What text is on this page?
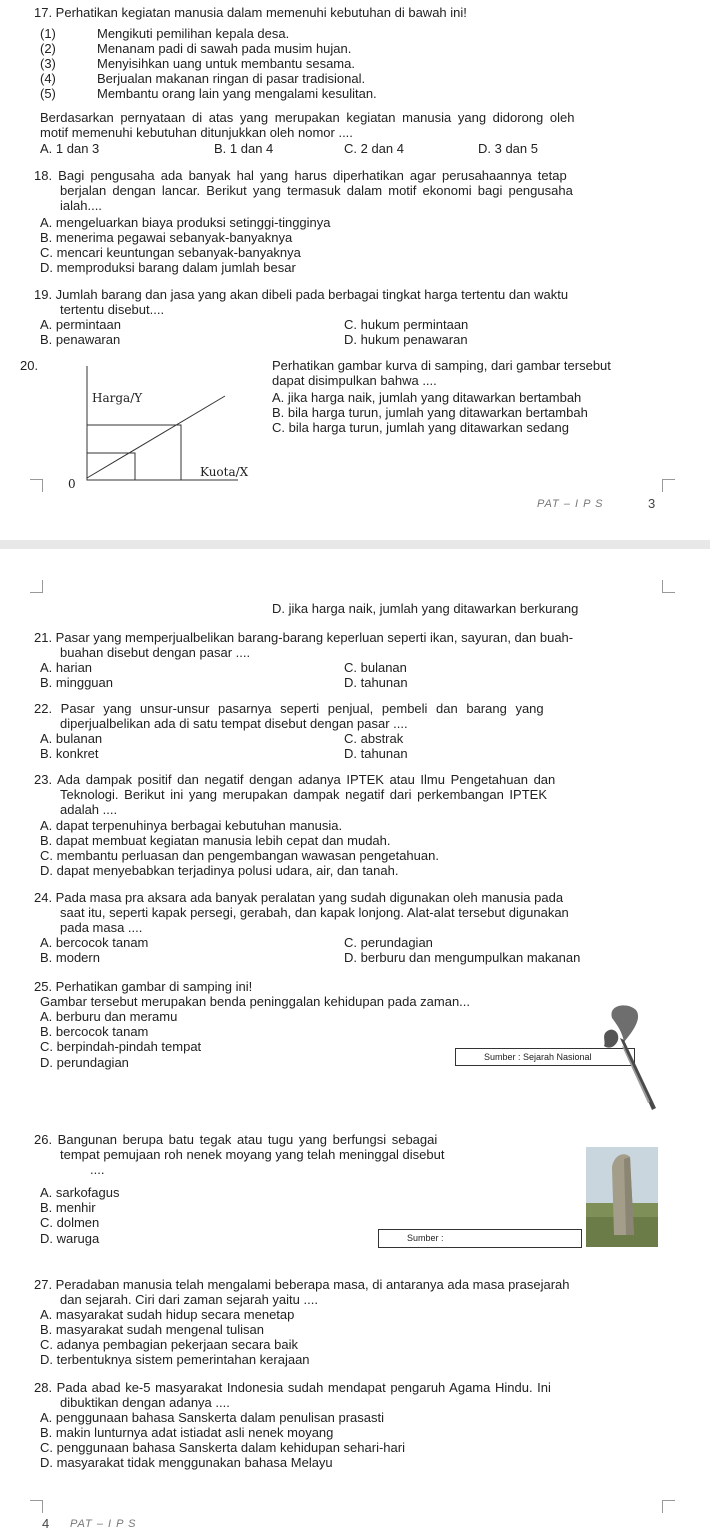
17. Perhatikan kegiatan manusia dalam memenuhi kebutuhan di bawah ini!
(1)	Mengikuti pemilihan kepala desa.
(2)	Menanam padi di sawah pada musim hujan.
(3)	Menyisihkan uang untuk membantu sesama.
(4)	Berjualan makanan ringan di pasar tradisional.
(5)	Membantu orang lain yang mengalami kesulitan.
Berdasarkan pernyataan di atas yang merupakan kegiatan manusia yang didorong oleh
motif memenuhi kebutuhan ditunjukkan oleh nomor ....
A. 1 dan 3	B. 1 dan 4	C. 2 dan 4	D. 3 dan 5
18. Bagi pengusaha ada banyak hal yang harus diperhatikan agar perusahaannya tetap
berjalan dengan lancar. Berikut yang termasuk dalam motif ekonomi bagi pengusaha
ialah....
A. mengeluarkan biaya produksi setinggi-tingginya
B. menerima pegawai sebanyak-banyaknya
C. mencari keuntungan sebanyak-banyaknya
D. memproduksi barang dalam jumlah besar
19. Jumlah barang dan jasa yang akan dibeli pada berbagai tingkat harga tertentu dan waktu
tertentu disebut....
A. permintaan	C. hukum permintaan
B. penawaran	D. hukum penawaran
20.
Harga/Y
Kuota/X
0
Perhatikan gambar kurva di samping, dari gambar tersebut
dapat disimpulkan bahwa ....
A. jika harga naik, jumlah yang ditawarkan bertambah
B. bila harga turun, jumlah yang ditawarkan bertambah
C. bila harga turun, jumlah yang ditawarkan sedang
PAT – I P S	3
D. jika harga naik, jumlah yang ditawarkan berkurang
21. Pasar yang memperjualbelikan barang-barang keperluan seperti ikan, sayuran, dan buah-
buahan disebut dengan pasar ....
A. harian	C. bulanan
B. mingguan	D. tahunan
22. Pasar yang unsur-unsur pasarnya seperti penjual, pembeli dan barang yang
diperjualbelikan ada di satu tempat disebut dengan pasar ....
A. bulanan	C. abstrak
B. konkret	D. tahunan
23. Ada dampak positif dan negatif dengan adanya IPTEK atau Ilmu Pengetahuan dan
Teknologi. Berikut ini yang merupakan dampak negatif dari perkembangan IPTEK
adalah ....
A. dapat terpenuhinya berbagai kebutuhan manusia.
B. dapat membuat kegiatan manusia lebih cepat dan mudah.
C. membantu perluasan dan pengembangan wawasan pengetahuan.
D. dapat menyebabkan terjadinya polusi udara, air, dan tanah.
24. Pada masa pra aksara ada banyak peralatan yang sudah digunakan oleh manusia pada
saat itu, seperti kapak persegi, gerabah, dan kapak lonjong. Alat-alat tersebut digunakan
pada masa ....
A. bercocok tanam	C. perundagian
B. modern	D. berburu dan mengumpulkan makanan
25. Perhatikan gambar di samping ini!
Gambar tersebut merupakan benda peninggalan kehidupan pada zaman...
A. berburu dan meramu
B. bercocok tanam
C. berpindah-pindah tempat
D. perundagian	Sumber : Sejarah Nasional
26. Bangunan berupa batu tegak atau tugu yang berfungsi sebagai
tempat pemujaan roh nenek moyang yang telah meninggal disebut
....
A. sarkofagus
B. menhir
C. dolmen
D. waruga	Sumber :
27. Peradaban manusia telah mengalami beberapa masa, di antaranya ada masa prasejarah
dan sejarah. Ciri dari zaman sejarah yaitu ....
A. masyarakat sudah hidup secara menetap
B. masyarakat sudah mengenal tulisan
C. adanya pembagian pekerjaan secara baik
D. terbentuknya sistem pemerintahan kerajaan
28. Pada abad ke-5 masyarakat Indonesia sudah mendapat pengaruh Agama Hindu. Ini
dibuktikan dengan adanya ....
A. penggunaan bahasa Sanskerta dalam penulisan prasasti
B. makin lunturnya adat istiadat asli nenek moyang
C. penggunaan bahasa Sanskerta dalam kehidupan sehari-hari
D. masyarakat tidak menggunakan bahasa Melayu
4 PAT – I P S
